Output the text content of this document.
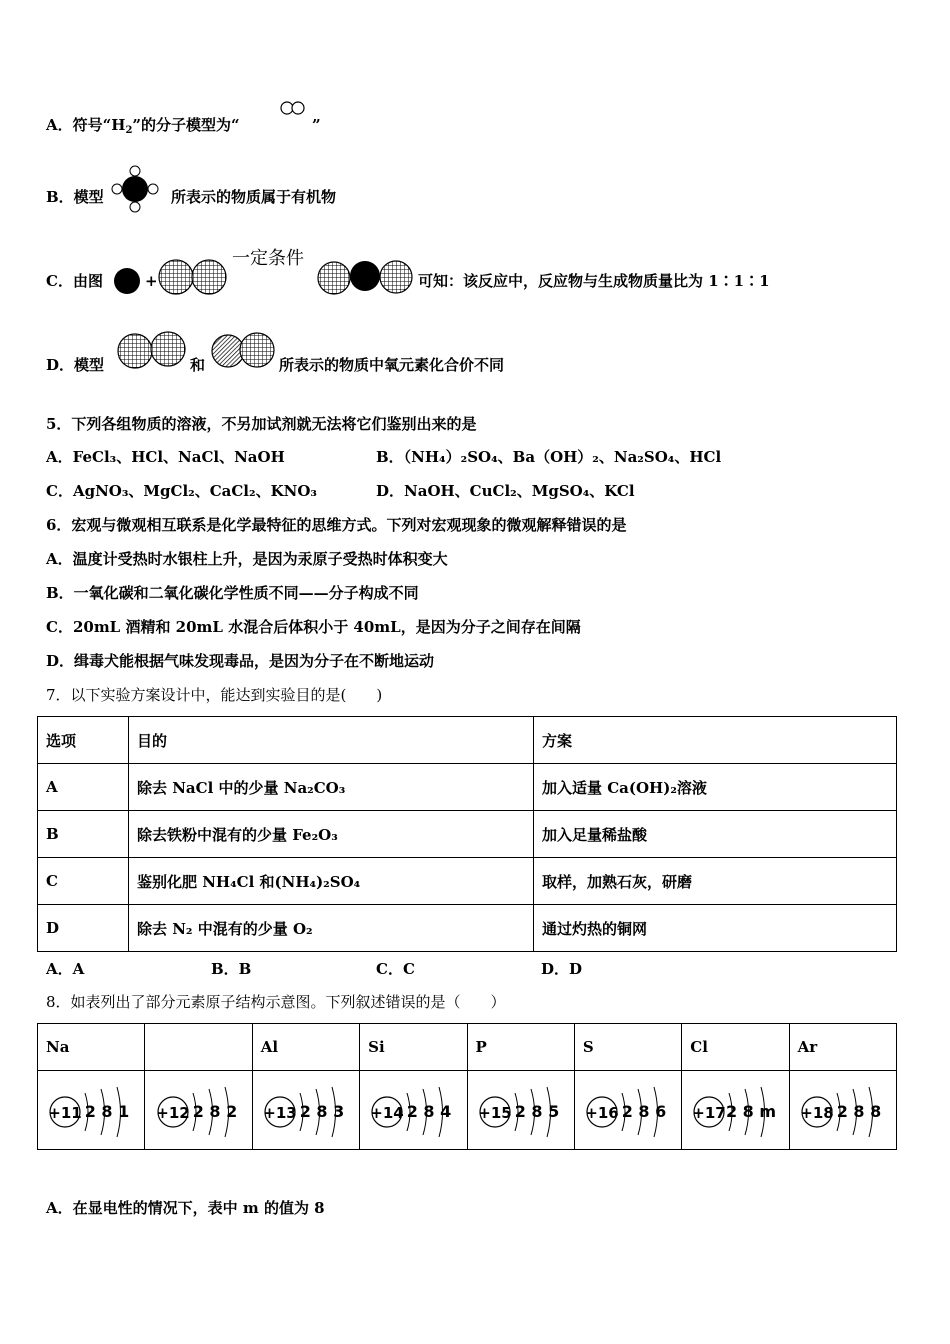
A．符号“$H_2$”的分子模型为“	”
B．模型	所表示的物质属于有机物
C．由图	+
一定条件
可知：该反应中，反应物与生成物质量比为 1∶1∶1
D．模型	和	所表示的物质中氧元素化合价不同
5．下列各组物质的溶液，不另加试剂就无法将它们鉴别出来的是
A．FeCl₃、HCl、NaCl、NaOH	B．（NH₄）₂SO₄、Ba（OH）₂、Na₂SO₄、HCl
C．AgNO₃、MgCl₂、CaCl₂、KNO₃	D．NaOH、CuCl₂、MgSO₄、KCl
6．宏观与微观相互联系是化学最特征的思维方式。下列对宏观现象的微观解释错误的是
A．温度计受热时水银柱上升，是因为汞原子受热时体积变大
B．一氧化碳和二氧化碳化学性质不同——分子构成不同
C．20mL 酒精和 20mL 水混合后体积小于 40mL，是因为分子之间存在间隔
D．缉毒犬能根据气味发现毒品，是因为分子在不断地运动
7．以下实验方案设计中，能达到实验目的是(　　)
选项	目的	方案
A	除去 NaCl 中的少量 Na₂CO₃	加入适量 Ca(OH)₂溶液
B	除去铁粉中混有的少量 Fe₂O₃	加入足量稀盐酸
C	鉴别化肥 NH₄Cl 和(NH₄)₂SO₄	取样，加熟石灰，研磨
D	除去 N₂ 中混有的少量 O₂	通过灼热的铜网
A．A	B．B	C．C	D．D
8．如表列出了部分元素原子结构示意图。下列叙述错误的是（　　）
Na		Al	Si	P	S	Cl	Ar

+11 2 8 1	+12 2 8 2	+13 2 8 3	+14 2 8 4	+15 2 8 5	+16 2 8 6	+17 2 8 m	+18 2 8 8
A．在显电性的情况下，表中 m 的值为 8
